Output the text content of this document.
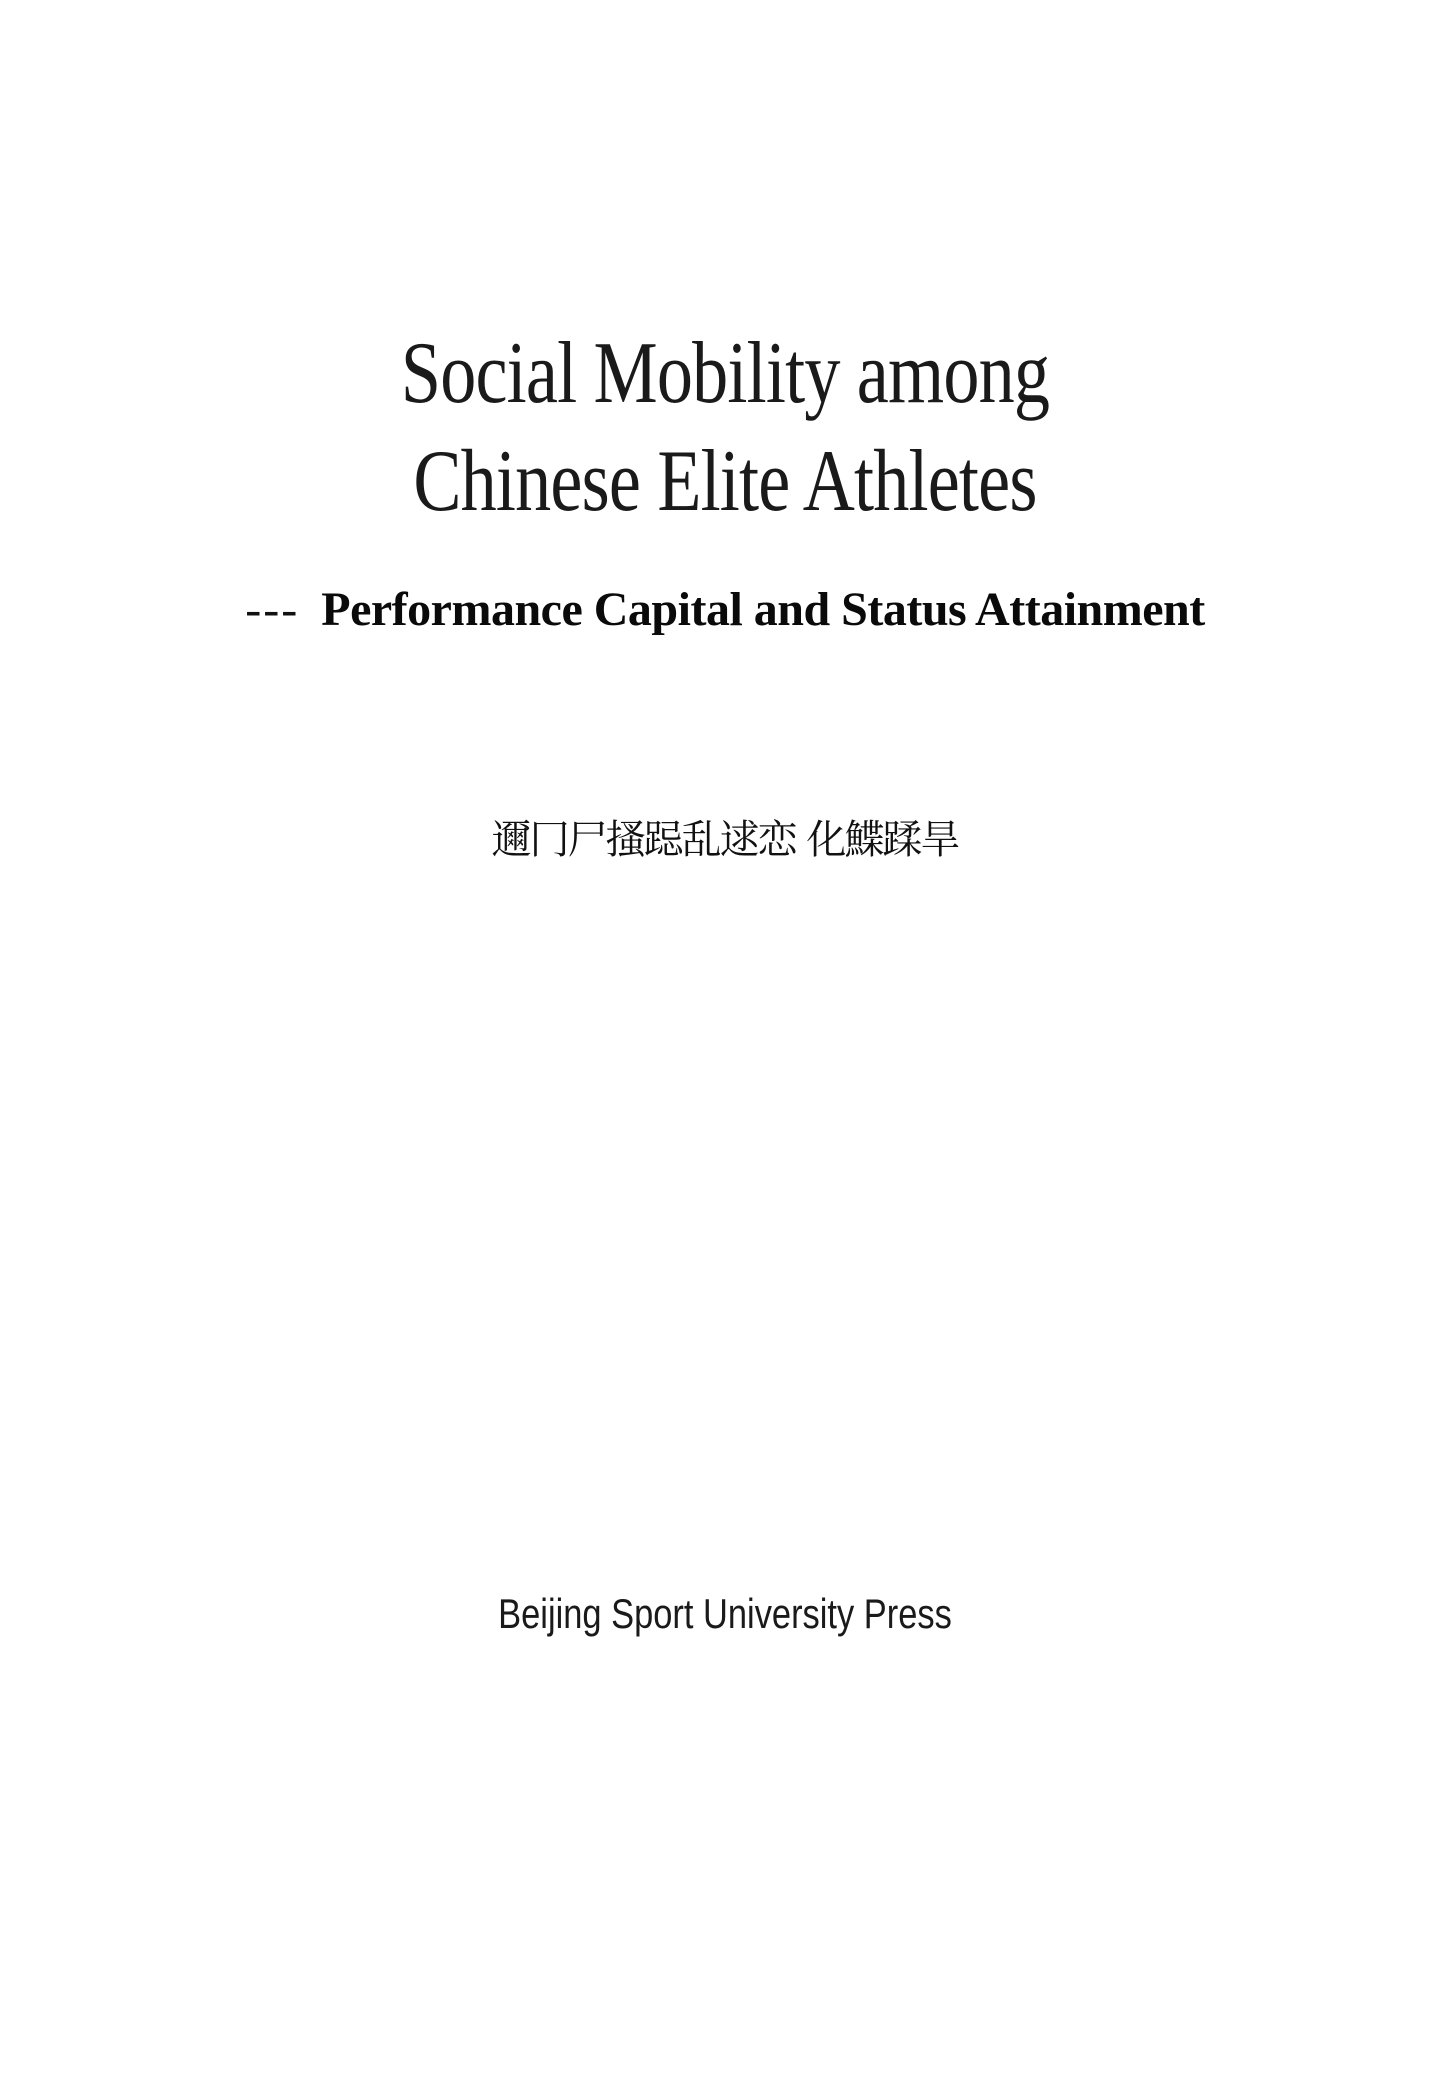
Social Mobility among
Chinese Elite Athletes
--- Performance Capital and Status Attainment
邇冂尸搔跽乱逑恋 化鰈蹂旱
Beijing Sport University Press
